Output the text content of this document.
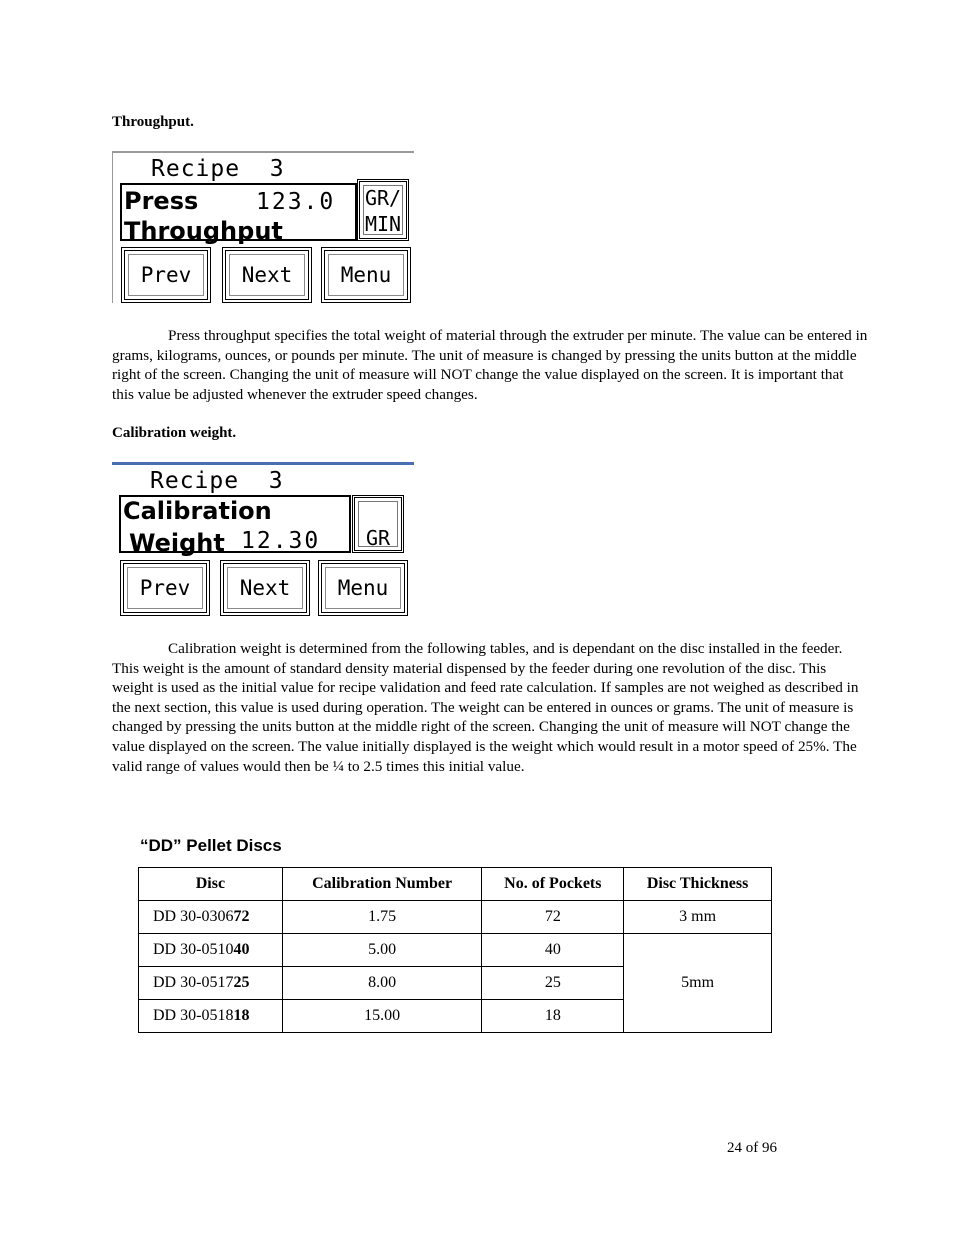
Throughput.
Recipe  3
Press	123.0
Throughput
GR/
MIN
Prev	Next	Menu
Press throughput specifies the total weight of material through the extruder per minute. The value can be entered in grams, kilograms, ounces, or pounds per minute. The unit of measure is changed by pressing the units button at the middle right of the screen. Changing the unit of measure will NOT change the value displayed on the screen. It is important that this value be adjusted whenever the extruder speed changes.
Calibration weight.
Recipe  3
Calibration
Weight 12.30	GR
Prev	Next	Menu
Calibration weight is determined from the following tables, and is dependant on the disc installed in the feeder. This weight is the amount of standard density material dispensed by the feeder during one revolution of the disc. This weight is used as the initial value for recipe validation and feed rate calculation. If samples are not weighed as described in the next section, this value is used during operation. The weight can be entered in ounces or grams. The unit of measure is changed by pressing the units button at the middle right of the screen. Changing the unit of measure will NOT change the value displayed on the screen. The value initially displayed is the weight which would result in a motor speed of 25%. The valid range of values would then be ¼ to 2.5 times this initial value.
“DD” Pellet Discs
Disc	Calibration Number	No. of Pockets	Disc Thickness
DD 30-030672	1.75	72	3 mm
DD 30-051040	5.00	40	5mm
DD 30-051725	8.00	25	
DD 30-051818	15.00	18	
24 of 96
